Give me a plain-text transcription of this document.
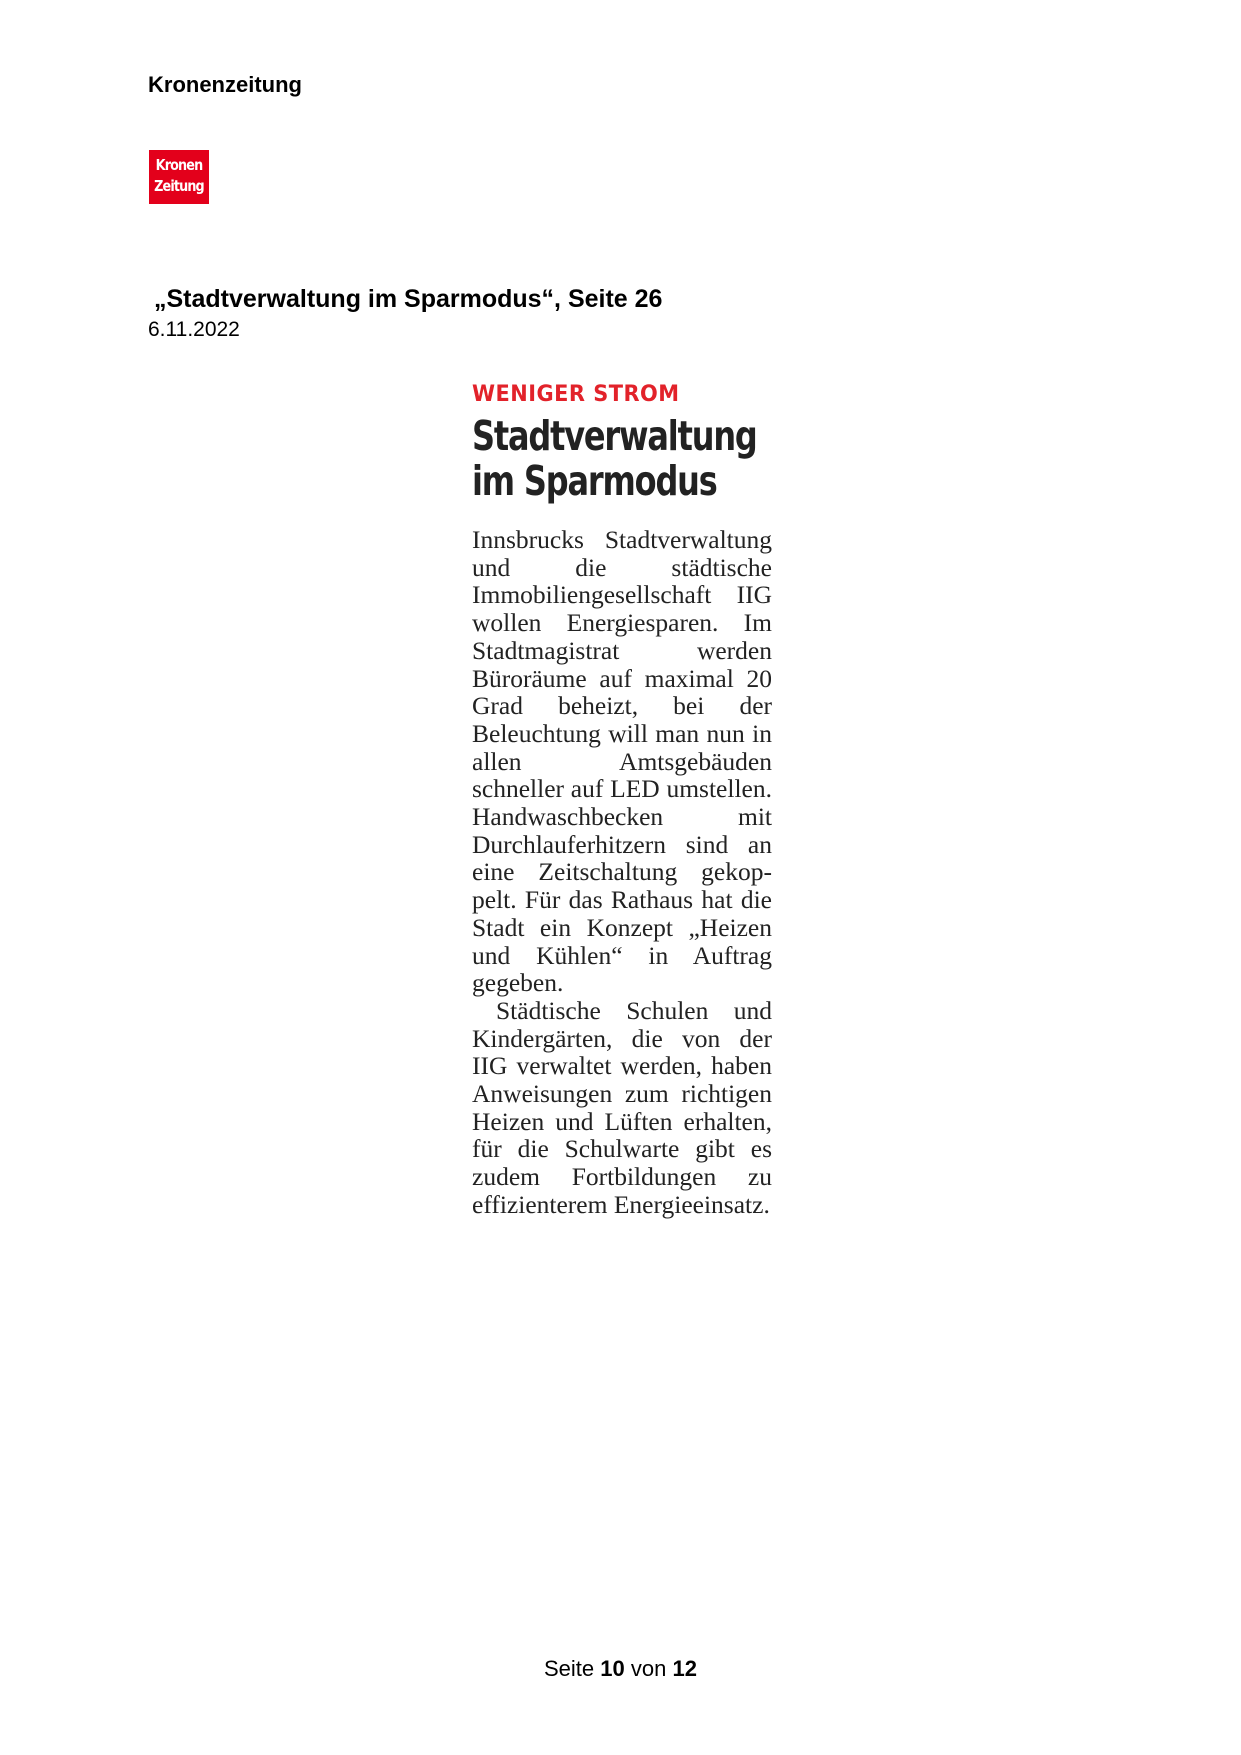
Kronenzeitung
Kronen
Zeitung
„Stadtverwaltung im Sparmodus“, Seite 26
6.11.2022
WENIGER STROM
Stadtverwaltung
im Sparmodus

Innsbrucks Stadtverwaltung und die städtische Immobiliengesellschaft IIG wollen Energiesparen. Im Stadtmagistrat werden Büroräume auf maximal 20 Grad beheizt, bei der Beleuchtung will man nun in allen Amtsgebäuden schneller auf LED umstellen. Handwaschbecken mit Durchlauferhitzern sind an eine Zeitschaltung gekoppelt. Für das Rathaus hat die Stadt ein Konzept „Heizen und Kühlen“ in Auftrag gegeben.

Städtische Schulen und Kindergärten, die von der IIG verwaltet werden, haben Anweisungen zum richtigen Heizen und Lüften erhalten, für die Schulwarte gibt es zudem Fortbildungen zu effizienterem Energieeinsatz.

Seite 10 von 12
